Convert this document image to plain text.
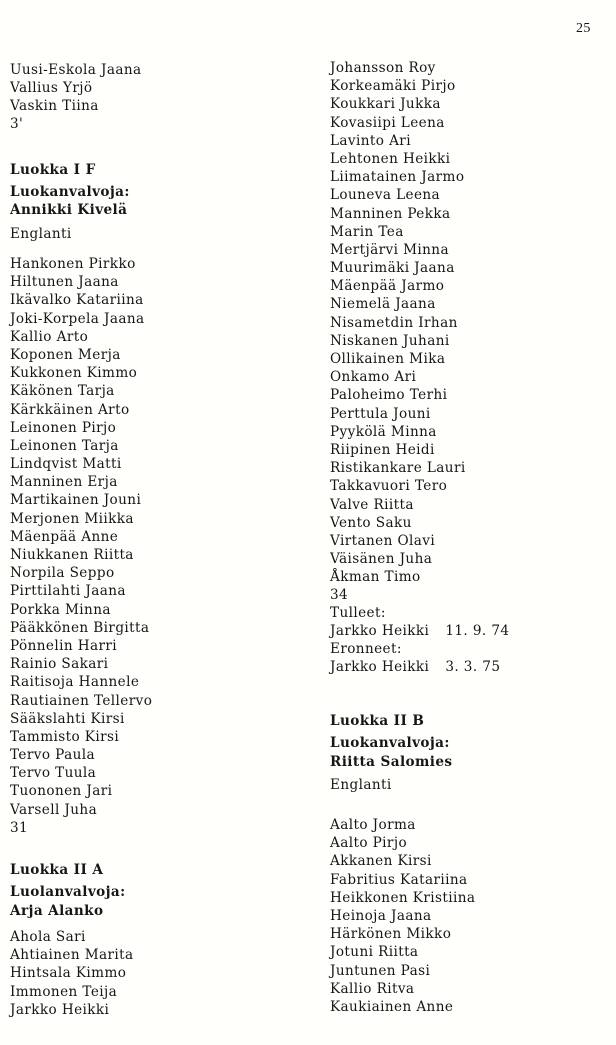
25
Uusi-Eskola Jaana
Vallius Yrjö
Vaskin Tiina
3'
Luokka I F
Luokanvalvoja:
Annikki Kivelä
Englanti
Hankonen Pirkko
Hiltunen Jaana
Ikävalko Katariina
Joki-Korpela Jaana
Kallio Arto
Koponen Merja
Kukkonen Kimmo
Käkönen Tarja
Kärkkäinen Arto
Leinonen Pirjo
Leinonen Tarja
Lindqvist Matti
Manninen Erja
Martikainen Jouni
Merjonen Miikka
Mäenpää Anne
Niukkanen Riitta
Norpila Seppo
Pirttilahti Jaana
Porkka Minna
Pääkkönen Birgitta
Pönnelin Harri
Rainio Sakari
Raitisoja Hannele
Rautiainen Tellervo
Sääkslahti Kirsi
Tammisto Kirsi
Tervo Paula
Tervo Tuula
Tuononen Jari
Varsell Juha
31
Luokka II A
Luolanvalvoja:
Arja Alanko
Ahola Sari
Ahtiainen Marita
Hintsala Kimmo
Immonen Teija
Jarkko Heikki
Johansson Roy
Korkeamäki Pirjo
Koukkari Jukka
Kovasiipi Leena
Lavinto Ari
Lehtonen Heikki
Liimatainen Jarmo
Louneva Leena
Manninen Pekka
Marin Tea
Mertjärvi Minna
Muurimäki Jaana
Mäenpää Jarmo
Niemelä Jaana
Nisametdin Irhan
Niskanen Juhani
Ollikainen Mika
Onkamo Ari
Paloheimo Terhi
Perttula Jouni
Pyykölä Minna
Riipinen Heidi
Ristikankare Lauri
Takkavuori Tero
Valve Riitta
Vento Saku
Virtanen Olavi
Väisänen Juha
Åkman Timo
34
Tulleet:
Jarkko Heikki 11. 9. 74
Eronneet:
Jarkko Heikki 3. 3. 75
Luokka II B
Luokanvalvoja:
Riitta Salomies
Englanti
Aalto Jorma
Aalto Pirjo
Akkanen Kirsi
Fabritius Katariina
Heikkonen Kristiina
Heinoja Jaana
Härkönen Mikko
Jotuni Riitta
Juntunen Pasi
Kallio Ritva
Kaukiainen Anne
